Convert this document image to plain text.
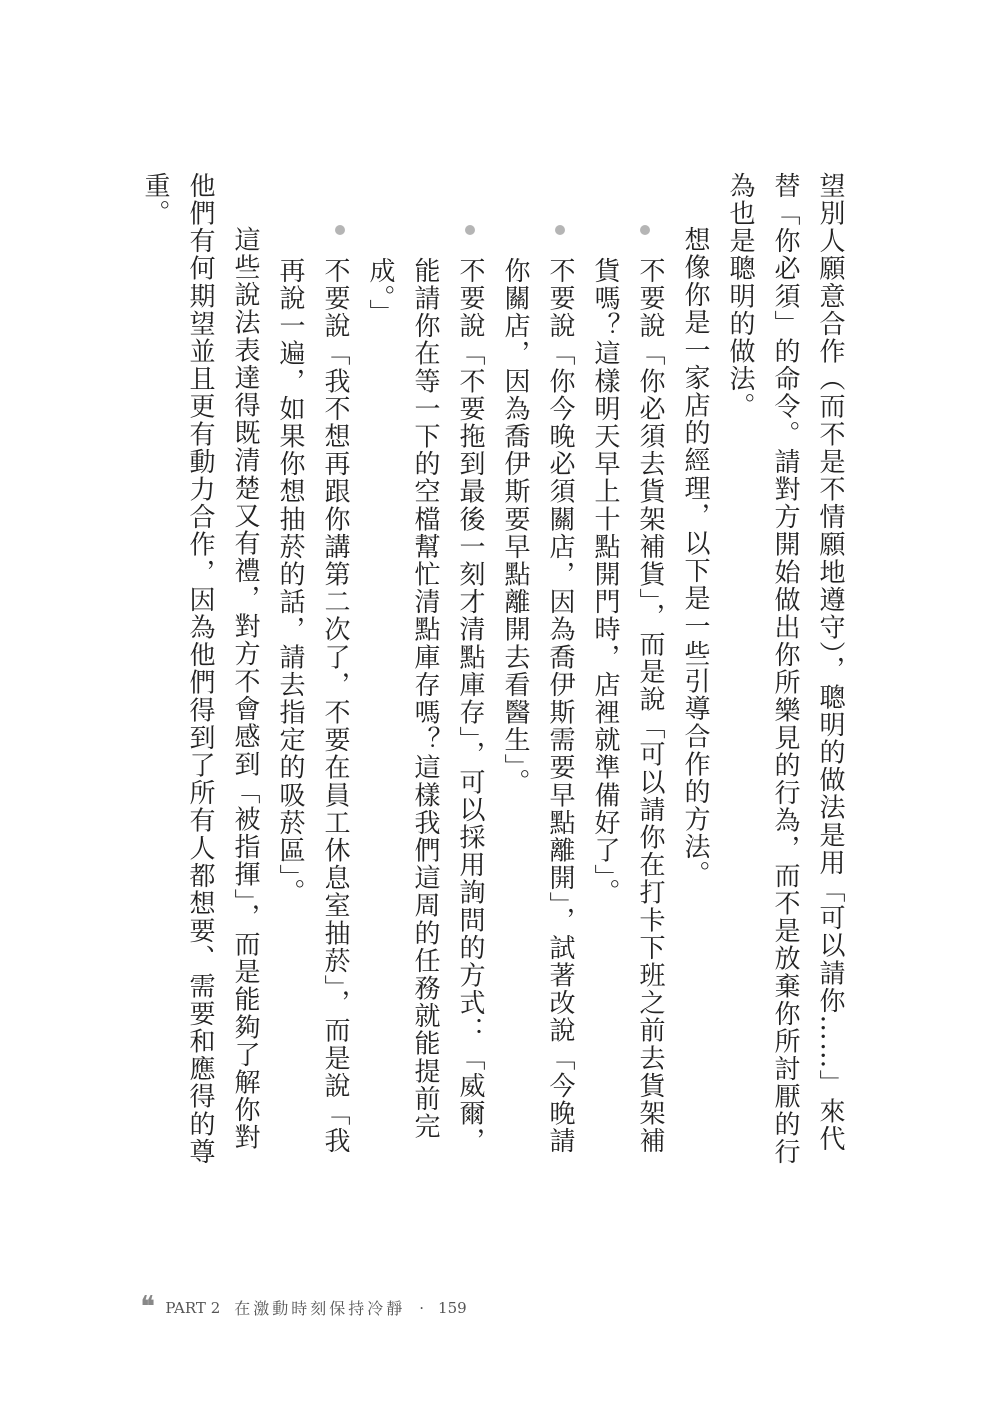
望別人願意合作（而不是不情願地遵守），聰明的做法是用「可以請你……」來代
替「你必須」的命令。請對方開始做出你所樂見的行為，而不是放棄你所討厭的行
為也是聰明的做法。
想像你是一家店的經理，以下是一些引導合作的方法。
不要說「你必須去貨架補貨」，而是說「可以請你在打卡下班之前去貨架補
貨嗎？這樣明天早上十點開門時，店裡就準備好了」。
不要說「你今晚必須關店，因為喬伊斯需要早點離開」，試著改說「今晚請
你關店，因為喬伊斯要早點離開去看醫生」。
不要說「不要拖到最後一刻才清點庫存」，可以採用詢問的方式：「威爾，
能請你在等一下的空檔幫忙清點庫存嗎？這樣我們這周的任務就能提前完
成。」
不要說「我不想再跟你講第二次了，不要在員工休息室抽菸」，而是說「我
再說一遍，如果你想抽菸的話，請去指定的吸菸區」。
這些說法表達得既清楚又有禮，對方不會感到「被指揮」，而是能夠了解你對
他們有何期望並且更有動力合作，因為他們得到了所有人都想要、需要和應得的尊
重。
❛❛ PART 2 在激動時刻保持冷靜 · 159
